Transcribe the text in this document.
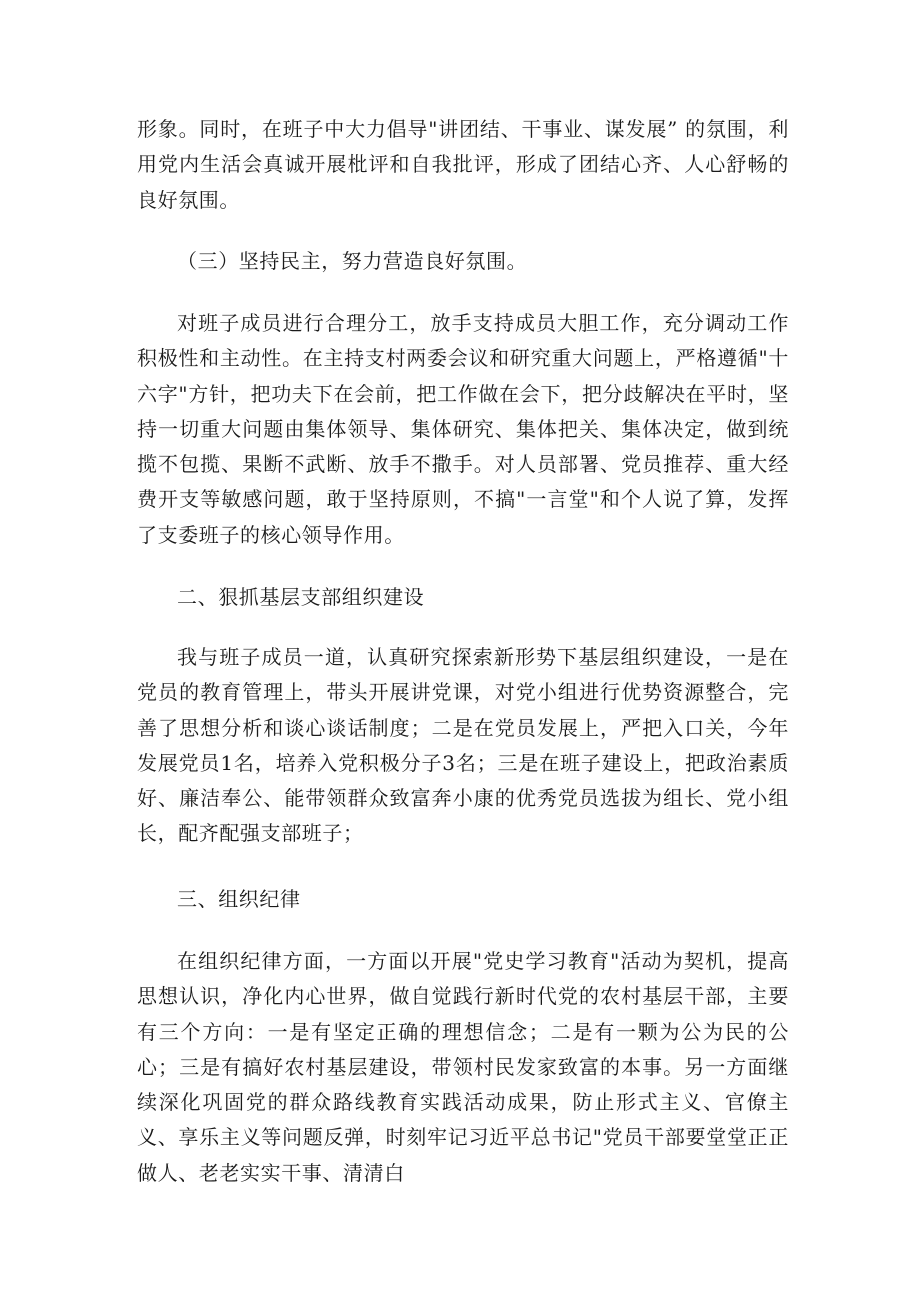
形象。同时，在班子中大力倡导"讲团结、干事业、谋发展” 的氛围，利用党内生活会真诚开展枇评和自我批评，形成了团结心齐、人心舒畅的良好氛围。

（三）坚持民主，努力营造良好氛围。

对班子成员进行合理分工，放手支持成员大胆工作，充分调动工作积极性和主动性。在主持支村两委会议和研究重大问题上，严格遵循"十六字"方针，把功夫下在会前，把工作做在会下，把分歧解决在平时，坚持一切重大问题由集体领导、集体研究、集体把关、集体决定，做到统揽不包揽、果断不武断、放手不撒手。对人员部署、党员推荐、重大经费开支等敏感问题，敢于坚持原则，不搞"一言堂"和个人说了算，发挥了支委班子的核心领导作用。

二、狠抓基层支部组织建设

我与班子成员一道，认真研究探索新形势下基层组织建设，一是在党员的教育管理上，带头开展讲党课，对党小组进行优势资源整合，完善了思想分析和谈心谈话制度；二是在党员发展上，严把入口关，今年发展党员1名，培养入党积极分子3名；三是在班子建设上，把政治素质好、廉洁奉公、能带领群众致富奔小康的优秀党员选拔为组长、党小组长，配齐配强支部班子；

三、组织纪律

在组织纪律方面，一方面以开展"党史学习教育"活动为契机，提高思想认识，净化内心世界，做自觉践行新时代党的农村基层干部，主要有三个方向：一是有坚定正确的理想信念；二是有一颗为公为民的公心；三是有搞好农村基层建设，带领村民发家致富的本事。另一方面继续深化巩固党的群众路线教育实践活动成果，防止形式主义、官僚主义、享乐主义等问题反弹，时刻牢记习近平总书记"党员干部要堂堂正正做人、老老实实干事、清清白
